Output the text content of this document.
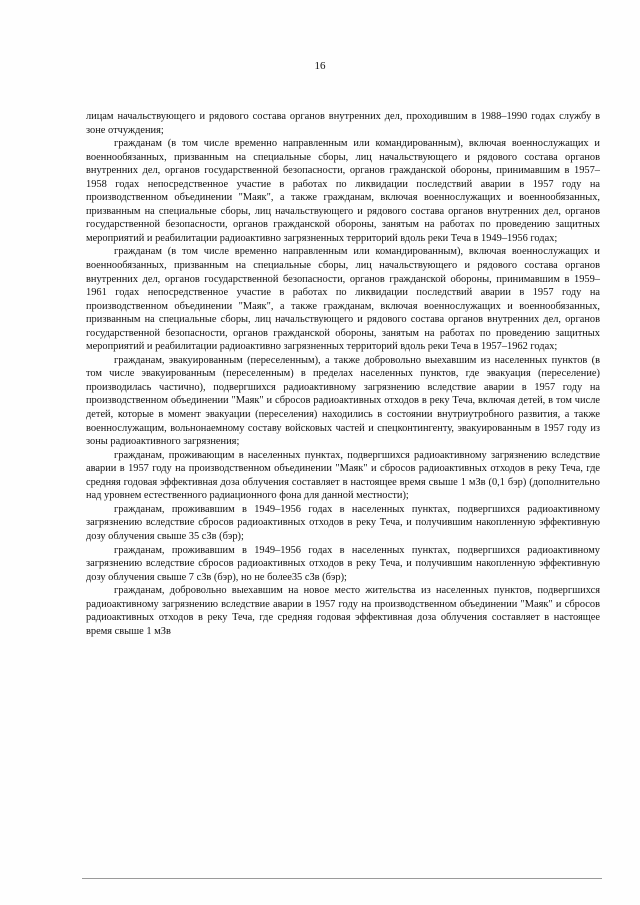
16

лицам начальствующего и рядового состава органов внутренних дел, проходившим в 1988–1990 годах службу в зоне отчуждения;

гражданам (в том числе временно направленным или командированным), включая военнослужащих и военнообязанных, призванным на специальные сборы, лиц начальствующего и рядового состава органов внутренних дел, органов государственной безопасности, органов гражданской обороны, принимавшим в 1957–1958 годах непосредственное участие в работах по ликвидации последствий аварии в 1957 году на производственном объединении "Маяк", а также гражданам, включая военнослужащих и военнообязанных, призванным на специальные сборы, лиц начальствующего и рядового состава органов внутренних дел, органов государственной безопасности, органов гражданской обороны, занятым на работах по проведению защитных мероприятий и реабилитации радиоактивно загрязненных территорий вдоль реки Теча в 1949–1956 годах;

гражданам (в том числе временно направленным или командированным), включая военнослужащих и военнообязанных, призванным на специальные сборы, лиц начальствующего и рядового состава органов внутренних дел, органов государственной безопасности, органов гражданской обороны, принимавшим в 1959–1961 годах непосредственное участие в работах по ликвидации последствий аварии в 1957 году на производственном объединении "Маяк", а также гражданам, включая военнослужащих и военнообязанных, призванным на специальные сборы, лиц начальствующего и рядового состава органов внутренних дел, органов государственной безопасности, органов гражданской обороны, занятым на работах по проведению защитных мероприятий и реабилитации радиоактивно загрязненных территорий вдоль реки Теча в 1957–1962 годах;

гражданам, эвакуированным (переселенным), а также добровольно выехавшим из населенных пунктов (в том числе эвакуированным (переселенным) в пределах населенных пунктов, где эвакуация (переселение) производилась частично), подвергшихся радиоактивному загрязнению вследствие аварии в 1957 году на производственном объединении "Маяк" и сбросов радиоактивных отходов в реку Теча, включая детей, в том числе детей, которые в момент эвакуации (переселения) находились в состоянии внутриутробного развития, а также военнослужащим, вольнонаемному составу войсковых частей и спецконтингенту, эвакуированным в 1957 году из зоны радиоактивного загрязнения;

гражданам, проживающим в населенных пунктах, подвергшихся радиоактивному загрязнению вследствие аварии в 1957 году на производственном объединении "Маяк" и сбросов радиоактивных отходов в реку Теча, где средняя годовая эффективная доза облучения составляет в настоящее время свыше 1 мЗв (0,1 бэр) (дополнительно над уровнем естественного радиационного фона для данной местности);

гражданам, проживавшим в 1949–1956 годах в населенных пунктах, подвергшихся радиоактивному загрязнению вследствие сбросов радиоактивных отходов в реку Теча, и получившим накопленную эффективную дозу облучения свыше 35 сЗв (бэр);

гражданам, проживавшим в 1949–1956 годах в населенных пунктах, подвергшихся радиоактивному загрязнению вследствие сбросов радиоактивных отходов в реку Теча, и получившим накопленную эффективную дозу облучения свыше 7 сЗв (бэр), но не более35 сЗв (бэр);

гражданам, добровольно выехавшим на новое место жительства из населенных пунктов, подвергшихся радиоактивному загрязнению вследствие аварии в 1957 году на производственном объединении "Маяк" и сбросов радиоактивных отходов в реку Теча, где средняя годовая эффективная доза облучения составляет в настоящее время свыше 1 мЗв
